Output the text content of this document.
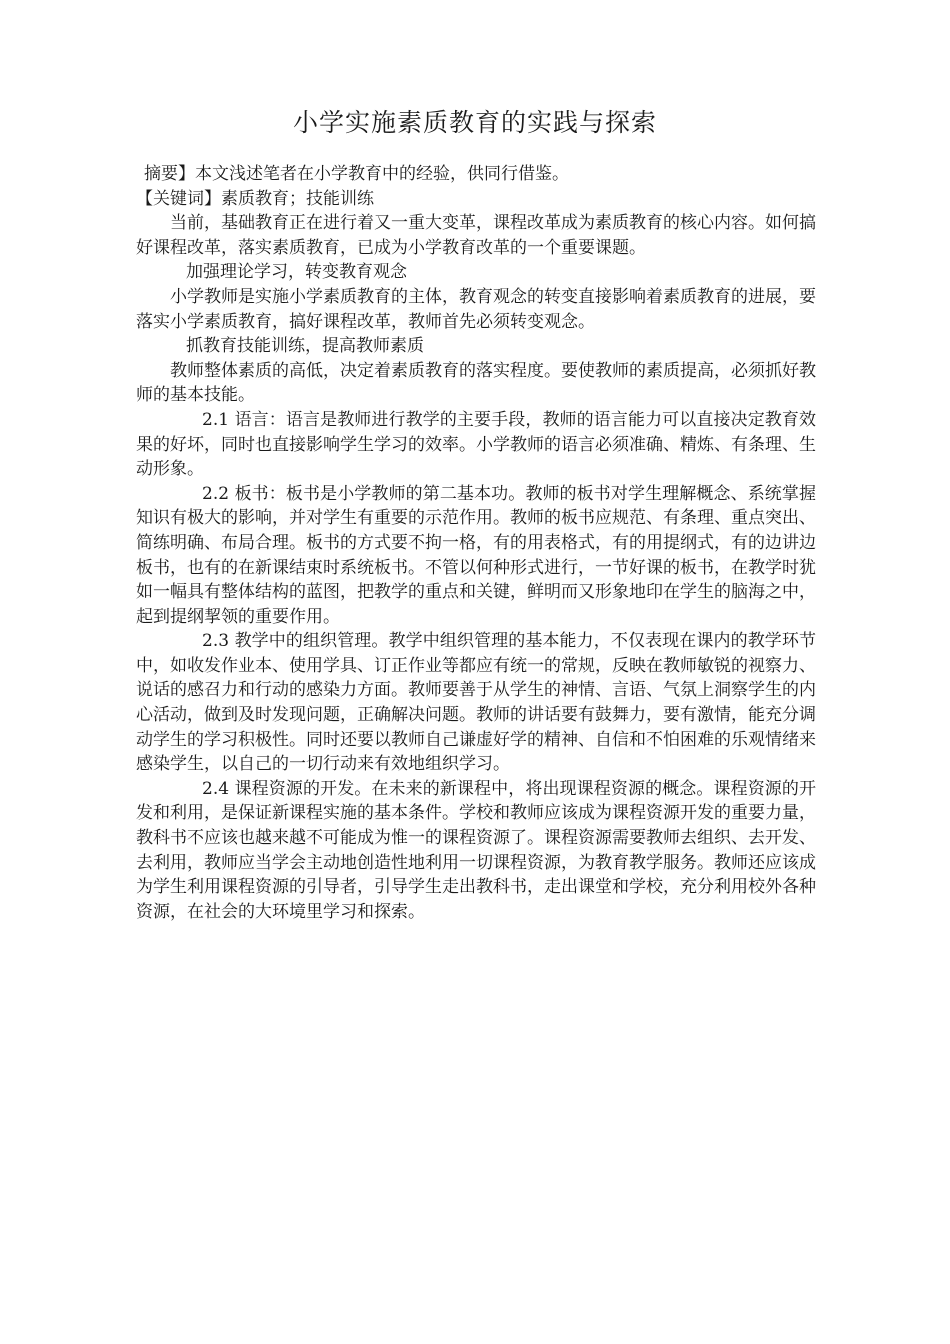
小学实施素质教育的实践与探索

摘要】本文浅述笔者在小学教育中的经验，供同行借鉴。

【关键词】素质教育；技能训练

当前，基础教育正在进行着又一重大变革，课程改革成为素质教育的核心内容。如何搞好课程改革，落实素质教育，已成为小学教育改革的一个重要课题。

加强理论学习，转变教育观念

小学教师是实施小学素质教育的主体，教育观念的转变直接影响着素质教育的进展，要落实小学素质教育，搞好课程改革，教师首先必须转变观念。

抓教育技能训练，提高教师素质

教师整体素质的高低，决定着素质教育的落实程度。要使教师的素质提高，必须抓好教师的基本技能。

2.1 语言：语言是教师进行教学的主要手段，教师的语言能力可以直接决定教育效果的好坏，同时也直接影响学生学习的效率。小学教师的语言必须准确、精炼、有条理、生动形象。

2.2 板书：板书是小学教师的第二基本功。教师的板书对学生理解概念、系统掌握知识有极大的影响，并对学生有重要的示范作用。教师的板书应规范、有条理、重点突出、简练明确、布局合理。板书的方式要不拘一格，有的用表格式，有的用提纲式，有的边讲边板书，也有的在新课结束时系统板书。不管以何种形式进行，一节好课的板书，在教学时犹如一幅具有整体结构的蓝图，把教学的重点和关键，鲜明而又形象地印在学生的脑海之中，起到提纲挈领的重要作用。

2.3 教学中的组织管理。教学中组织管理的基本能力，不仅表现在课内的教学环节中，如收发作业本、使用学具、订正作业等都应有统一的常规，反映在教师敏锐的视察力、说话的感召力和行动的感染力方面。教师要善于从学生的神情、言语、气氛上洞察学生的内心活动，做到及时发现问题，正确解决问题。教师的讲话要有鼓舞力，要有激情，能充分调动学生的学习积极性。同时还要以教师自己谦虚好学的精神、自信和不怕困难的乐观情绪来感染学生，以自己的一切行动来有效地组织学习。

2.4 课程资源的开发。在未来的新课程中，将出现课程资源的概念。课程资源的开发和利用，是保证新课程实施的基本条件。学校和教师应该成为课程资源开发的重要力量，教科书不应该也越来越不可能成为惟一的课程资源了。课程资源需要教师去组织、去开发、去利用，教师应当学会主动地创造性地利用一切课程资源，为教育教学服务。教师还应该成为学生利用课程资源的引导者，引导学生走出教科书，走出课堂和学校，充分利用校外各种资源，在社会的大环境里学习和探索。
